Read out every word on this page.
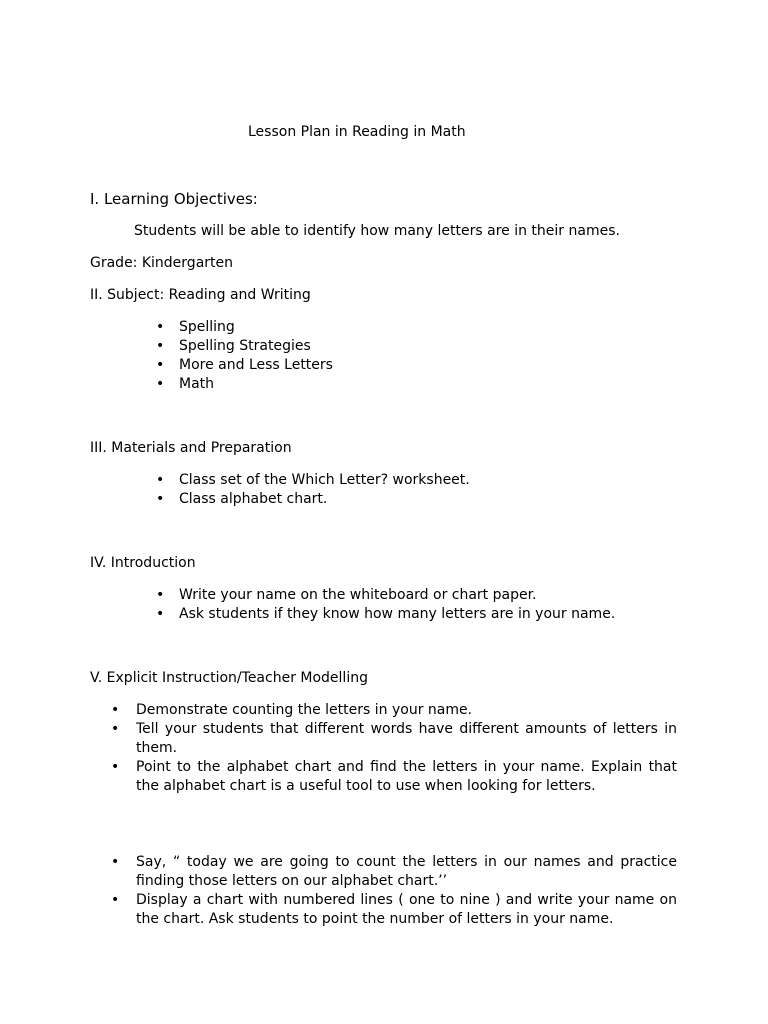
Lesson Plan in Reading in Math

I. Learning Objectives:

Students will be able to identify how many letters are in their names.

Grade: Kindergarten

II. Subject: Reading and Writing

• Spelling
• Spelling Strategies
• More and Less Letters
• Math

III. Materials and Preparation

• Class set of the Which Letter? worksheet.
• Class alphabet chart.

IV. Introduction

• Write your name on the whiteboard or chart paper.
• Ask students if they know how many letters are in your name.

V. Explicit Instruction/Teacher Modelling

• Demonstrate counting the letters in your name.
• Tell your students that different words have different amounts of letters in them.
• Point to the alphabet chart and find the letters in your name. Explain that the alphabet chart is a useful tool to use when looking for letters.
• Say, “ today we are going to count the letters in our names and practice finding those letters on our alphabet chart.’’
• Display a chart with numbered lines ( one to nine ) and write your name on the chart. Ask students to point the number of letters in your name.
